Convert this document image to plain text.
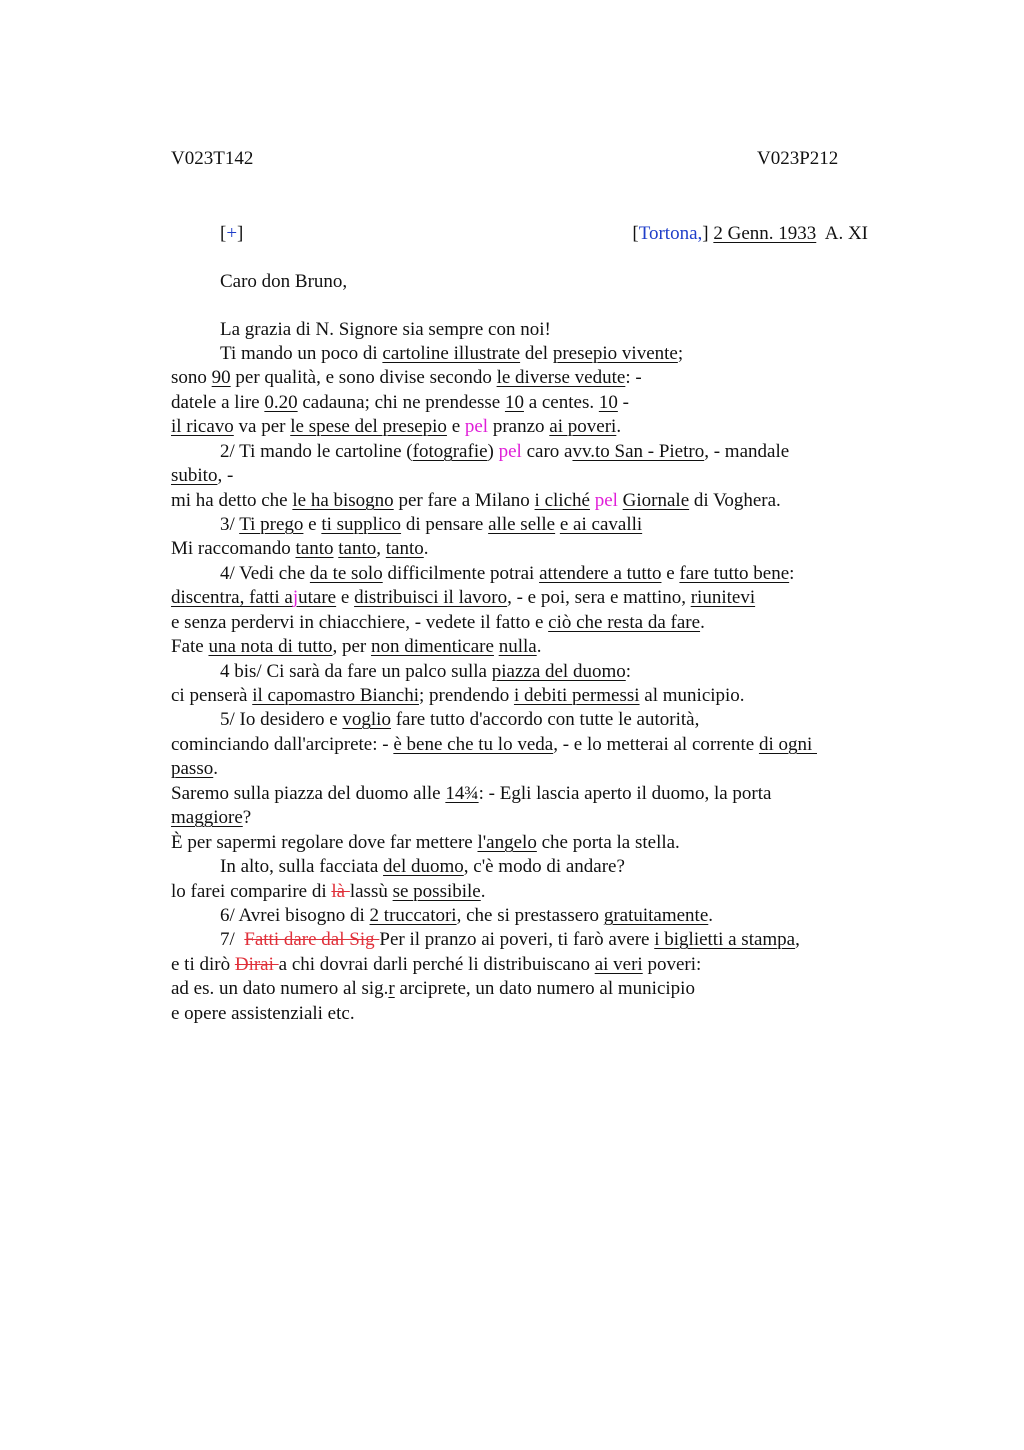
V023T142	V023P212
[+]	[Tortona,] 2 Genn. 1933 A. XI
Caro don Bruno,
La grazia di N. Signore sia sempre con noi!
Ti mando un poco di cartoline illustrate del presepio vivente;
sono 90 per qualità, e sono divise secondo le diverse vedute: -
datele a lire 0.20 cadauna; chi ne prendesse 10 a centes. 10 -
il ricavo va per le spese del presepio e pel pranzo ai poveri.
2/ Ti mando le cartoline (fotografie) pel caro avv.to San - Pietro, - mandale
subito, -
mi ha detto che le ha bisogno per fare a Milano i cliché pel Giornale di Voghera.
3/ Ti prego e ti supplico di pensare alle selle e ai cavalli
Mi raccomando tanto tanto, tanto.
4/ Vedi che da te solo difficilmente potrai attendere a tutto e fare tutto bene:
discentra, fatti ajutare e distribuisci il lavoro, - e poi, sera e mattino, riunitevi
e senza perdervi in chiacchiere, - vedete il fatto e ciò che resta da fare.
Fate una nota di tutto, per non dimenticare nulla.
4 bis/ Ci sarà da fare un palco sulla piazza del duomo:
ci penserà il capomastro Bianchi; prendendo i debiti permessi al municipio.
5/ Io desidero e voglio fare tutto d'accordo con tutte le autorità,
cominciando dall'arciprete: - è bene che tu lo veda, - e lo metterai al corrente di ogni
passo.
Saremo sulla piazza del duomo alle 14¾: - Egli lascia aperto il duomo, la porta
maggiore?
È per sapermi regolare dove far mettere l'angelo che porta la stella.
In alto, sulla facciata del duomo, c'è modo di andare?
lo farei comparire di là lassù se possibile.
6/ Avrei bisogno di 2 truccatori, che si prestassero gratuitamente.
7/  Fatti dare dal Sig Per il pranzo ai poveri, ti farò avere i biglietti a stampa,
e ti dirò Dirai a chi dovrai darli perché li distribuiscano ai veri poveri:
ad es. un dato numero al sig.r arciprete, un dato numero al municipio
e opere assistenziali etc.
